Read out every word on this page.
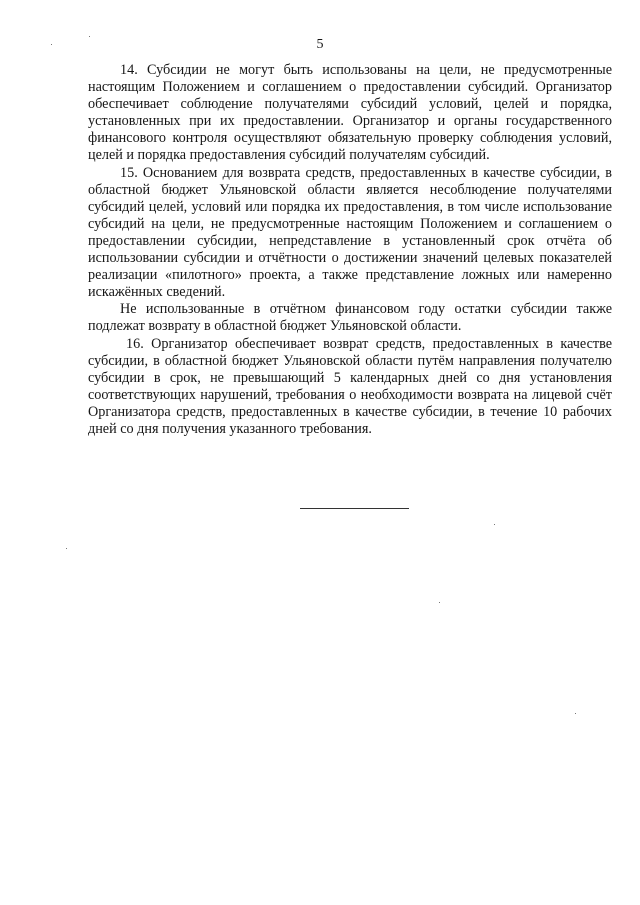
5

14. Субсидии не могут быть использованы на цели, не предусмотренные настоящим Положением и соглашением о предоставлении субсидий. Организатор обеспечивает соблюдение получателями субсидий условий, целей и порядка, установленных при их предоставлении. Организатор и органы государственного финансового контроля осуществляют обязательную проверку соблюдения условий, целей и порядка предоставления субсидий получателям субсидий.

15. Основанием для возврата средств, предоставленных в качестве субсидии, в областной бюджет Ульяновской области является несоблюдение получателями субсидий целей, условий или порядка их предоставления, в том числе использование субсидий на цели, не предусмотренные настоящим Положением и соглашением о предоставлении субсидии, непредставление в установленный срок отчёта об использовании субсидии и отчётности о достижении значений целевых показателей реализации «пилотного» проекта, а также представление ложных или намеренно искажённых сведений.

Не использованные в отчётном финансовом году остатки субсидии также подлежат возврату в областной бюджет Ульяновской области.

16. Организатор обеспечивает возврат средств, предоставленных в качестве субсидии, в областной бюджет Ульяновской области путём направления получателю субсидии в срок, не превышающий 5 календарных дней со дня установления соответствующих нарушений, требования о необходимости возврата на лицевой счёт Организатора средств, предоставленных в качестве субсидии, в течение 10 рабочих дней со дня получения указанного требования.
